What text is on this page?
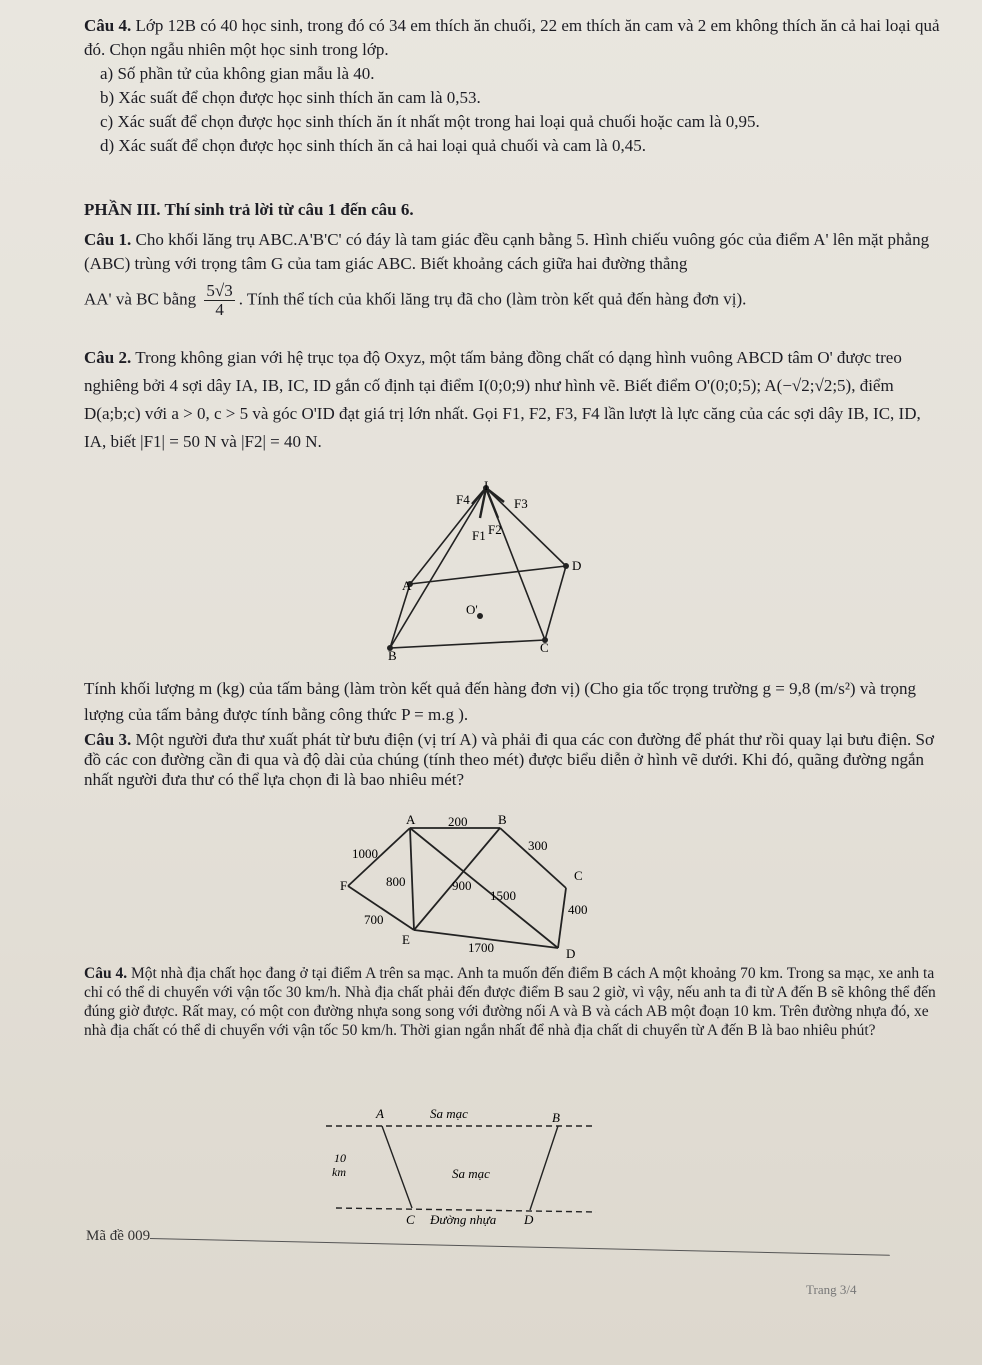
Câu 4. Lớp 12B có 40 học sinh, trong đó có 34 em thích ăn chuối, 22 em thích ăn cam và 2 em không thích ăn cả hai loại quả đó. Chọn ngẫu nhiên một học sinh trong lớp.
a) Số phần tử của không gian mẫu là 40.
b) Xác suất để chọn được học sinh thích ăn cam là 0,53.
c) Xác suất để chọn được học sinh thích ăn ít nhất một trong hai loại quả chuối hoặc cam là 0,95.
d) Xác suất để chọn được học sinh thích ăn cả hai loại quả chuối và cam là 0,45.
PHẦN III. Thí sinh trả lời từ câu 1 đến câu 6.
Câu 1. Cho khối lăng trụ ABC.A'B'C' có đáy là tam giác đều cạnh bằng 5. Hình chiếu vuông góc của điểm A' lên mặt phẳng (ABC) trùng với trọng tâm G của tam giác ABC. Biết khoảng cách giữa hai đường thẳng
AA' và BC bằng $\frac{5√3}{4}$ . Tính thể tích của khối lăng trụ đã cho (làm tròn kết quả đến hàng đơn vị).
Câu 2. Trong không gian với hệ trục tọa độ Oxyz, một tấm bảng đồng chất có dạng hình vuông ABCD tâm O' được treo nghiêng bởi 4 sợi dây IA, IB, IC, ID gắn cố định tại điểm I(0;0;9) như hình vẽ. Biết điểm O'(0;0;5); A(−√2;√2;5), điểm D(a;b;c) với a > 0, c > 5 và góc O'ID đạt giá trị lớn nhất. Gọi F1, F2, F3, F4 lần lượt là lực căng của các sợi dây IB, IC, ID, IA, biết |F1| = 50 N và |F2| = 40 N.
I
F4	F3
F1 F2
D
A
O'
B
C
Tính khối lượng m (kg) của tấm bảng (làm tròn kết quả đến hàng đơn vị) (Cho gia tốc trọng trường g = 9,8 (m/s²) và trọng lượng của tấm bảng được tính bằng công thức P = m.g ).
Câu 3. Một người đưa thư xuất phát từ bưu điện (vị trí A) và phải đi qua các con đường để phát thư rồi quay lại bưu điện. Sơ đồ các con đường cần đi qua và độ dài của chúng (tính theo mét) được biểu diễn ở hình vẽ dưới. Khi đó, quãng đường ngắn nhất người đưa thư có thể lựa chọn đi là bao nhiêu mét?
A	B
C
D
E
F
200
1000
300
800	900
1500
400
700
1700
Câu 4. Một nhà địa chất học đang ở tại điểm A trên sa mạc. Anh ta muốn đến điểm B cách A một khoảng 70 km. Trong sa mạc, xe anh ta chỉ có thể di chuyển với vận tốc 30 km/h. Nhà địa chất phải đến được điểm B sau 2 giờ, vì vậy, nếu anh ta đi từ A đến B sẽ không thể đến đúng giờ được. Rất may, có một con đường nhựa song song với đường nối A và B và cách AB một đoạn 10 km. Trên đường nhựa đó, xe nhà địa chất có thể di chuyển với vận tốc 50 km/h. Thời gian ngắn nhất để nhà địa chất di chuyển từ A đến B là bao nhiêu phút?
A	B
Sa mạc
Sa mạc
10
km
C	D
Đường nhựa
Mã đề 009
Trang 3/4
